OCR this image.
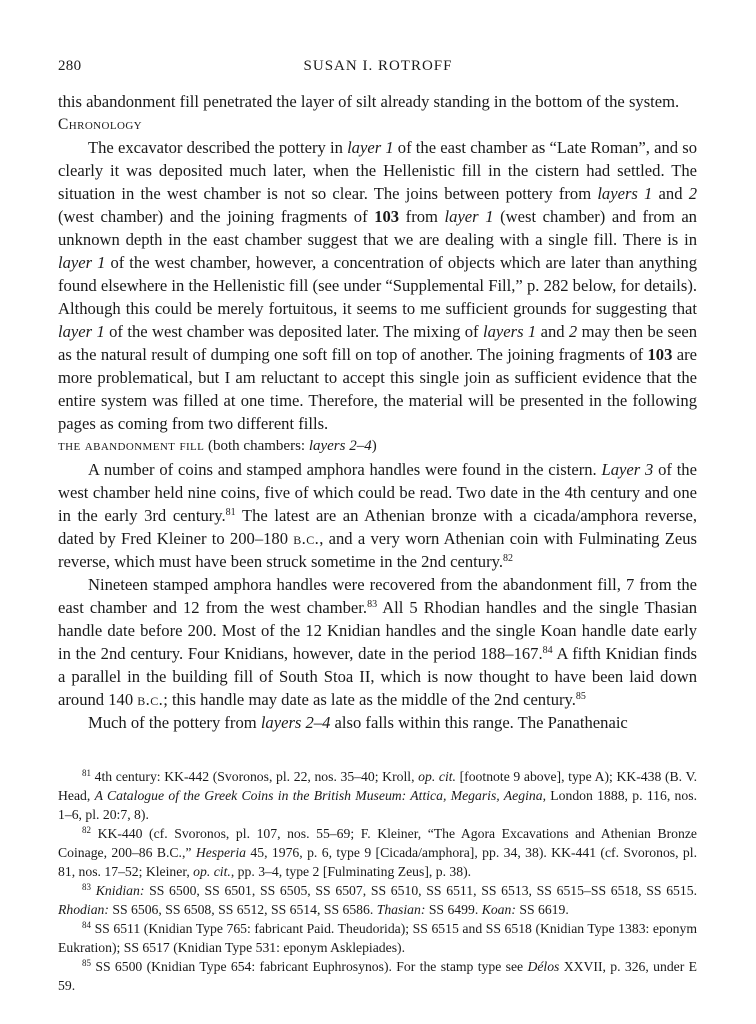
280	SUSAN I. ROTROFF

this abandonment fill penetrated the layer of silt already standing in the bottom of the system.

Chronology

The excavator described the pottery in layer 1 of the east chamber as “Late Roman”, and so clearly it was deposited much later, when the Hellenistic fill in the cistern had settled. The situation in the west chamber is not so clear. The joins between pottery from layers 1 and 2 (west chamber) and the joining fragments of 103 from layer 1 (west chamber) and from an unknown depth in the east chamber suggest that we are dealing with a single fill. There is in layer 1 of the west chamber, however, a concentration of objects which are later than anything found elsewhere in the Hellenistic fill (see under “Supplemental Fill,” p. 282 below, for details). Although this could be merely fortuitous, it seems to me sufficient grounds for suggesting that layer 1 of the west chamber was deposited later. The mixing of layers 1 and 2 may then be seen as the natural result of dumping one soft fill on top of another. The joining fragments of 103 are more problematical, but I am reluctant to accept this single join as sufficient evidence that the entire system was filled at one time. Therefore, the material will be presented in the following pages as coming from two different fills.

the abandonment fill (both chambers: layers 2–4)

A number of coins and stamped amphora handles were found in the cistern. Layer 3 of the west chamber held nine coins, five of which could be read. Two date in the 4th century and one in the early 3rd century.$^{81}$ The latest are an Athenian bronze with a cicada/amphora reverse, dated by Fred Kleiner to 200–180 b.c., and a very worn Athenian coin with Fulminating Zeus reverse, which must have been struck sometime in the 2nd century.$^{82}$

Nineteen stamped amphora handles were recovered from the abandonment fill, 7 from the east chamber and 12 from the west chamber.$^{83}$ All 5 Rhodian handles and the single Thasian handle date before 200. Most of the 12 Knidian handles and the single Koan handle date early in the 2nd century. Four Knidians, however, date in the period 188–167.84 A fifth Knidian finds a parallel in the building fill of South Stoa II, which is now thought to have been laid down around 140 b.c.; this handle may date as late as the middle of the 2nd century.$^{85}$

Much of the pottery from layers 2–4 also falls within this range. The Panathenaic

$^{81}$ 4th century: KK-442 (Svoronos, pl. 22, nos. 35–40; Kroll, op. cit. [footnote 9 above], type A); KK-438 (B. V. Head, A Catalogue of the Greek Coins in the British Museum: Attica, Megaris, Aegina, London 1888, p. 116, nos. 1–6, pl. 20:7, 8).

$^{82}$ KK-440 (cf. Svoronos, pl. 107, nos. 55–69; F. Kleiner, “The Agora Excavations and Athenian Bronze Coinage, 200–86 B.C.,” Hesperia 45, 1976, p. 6, type 9 [Cicada/amphora], pp. 34, 38). KK-441 (cf. Svoronos, pl. 81, nos. 17–52; Kleiner, op. cit., pp. 3–4, type 2 [Fulminating Zeus], p. 38).

$^{83}$ Knidian: SS 6500, SS 6501, SS 6505, SS 6507, SS 6510, SS 6511, SS 6513, SS 6515–SS 6518, SS 6515. Rhodian: SS 6506, SS 6508, SS 6512, SS 6514, SS 6586. Thasian: SS 6499. Koan: SS 6619.

$^{84}$ SS 6511 (Knidian Type 765: fabricant Paid. Theudorida); SS 6515 and SS 6518 (Knidian Type 1383: eponym Eukration); SS 6517 (Knidian Type 531: eponym Asklepiades).

$^{85}$ SS 6500 (Knidian Type 654: fabricant Euphrosynos). For the stamp type see Délos XXVII, p. 326, under E 59.
